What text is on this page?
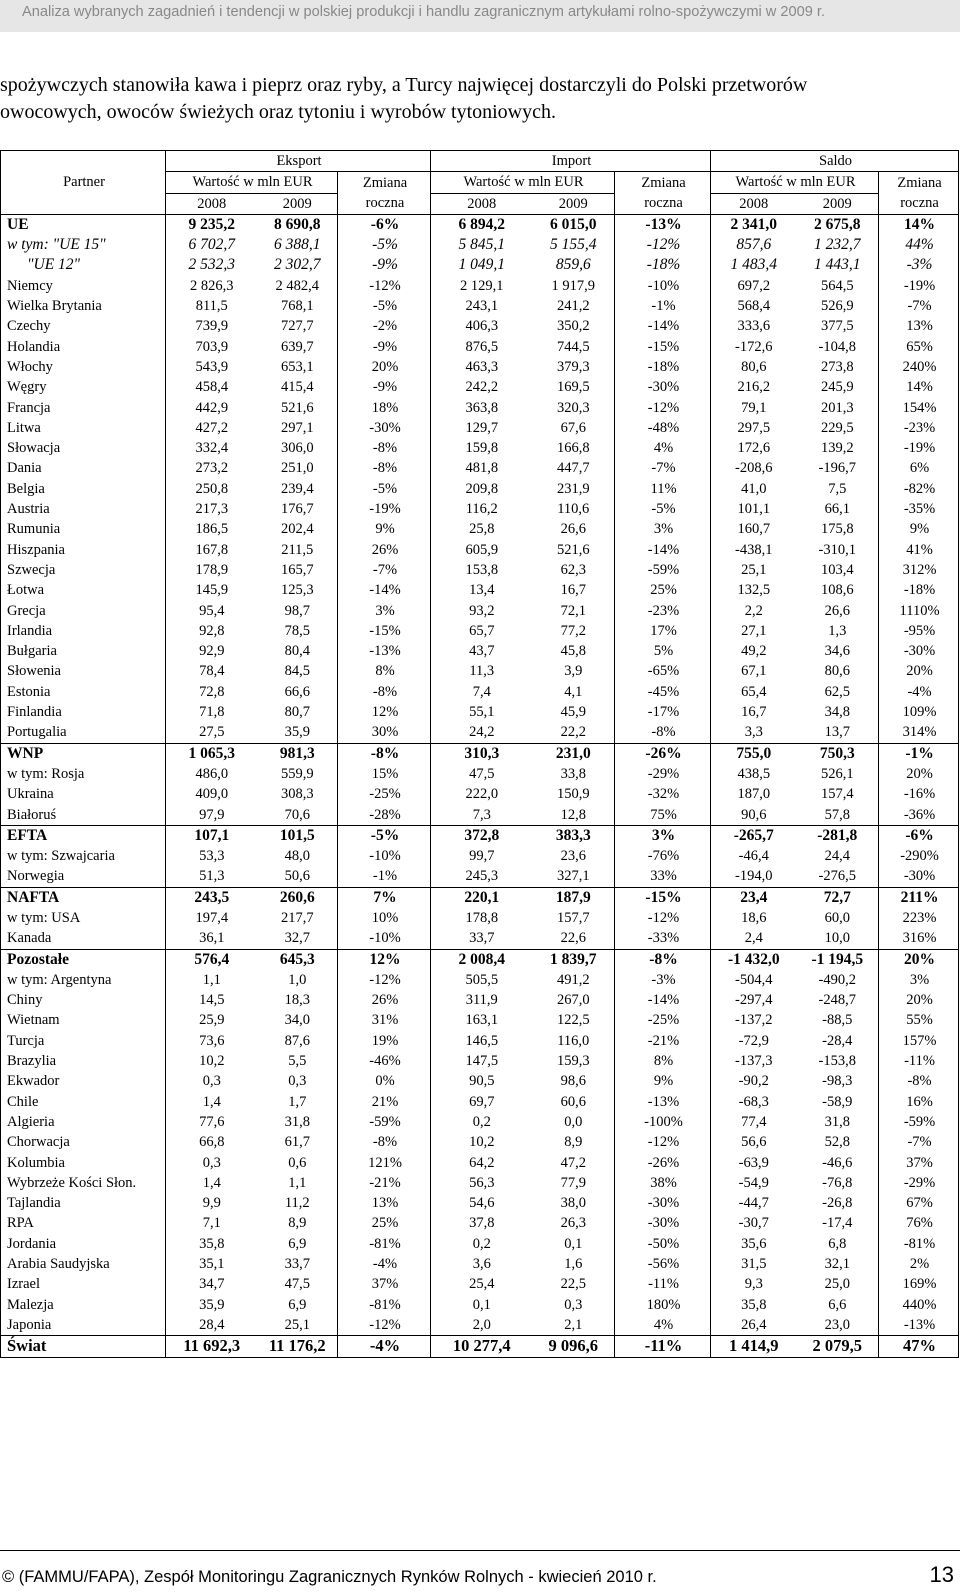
Analiza wybranych zagadnień i tendencji w polskiej produkcji i handlu zagranicznym artykułami rolno-spożywczymi w 2009 r.
spożywczych stanowiła kawa i pieprz oraz ryby, a Turcy najwięcej dostarczyli do Polski przetworów
owocowych, owoców świeżych oraz tytoniu i wyrobów tytoniowych.
Partner	Eksport			Import			Saldo		
	Wartość w mln EUR		Zmiana	Wartość w mln EUR		Zmiana	Wartość w mln EUR		Zmiana
	2008	2009	roczna	2008	2009	roczna	2008	2009	roczna
UE	9 235,2	8 690,8	-6%	6 894,2	6 015,0	-13%	2 341,0	2 675,8	14%
w tym: "UE 15"	6 702,7	6 388,1	-5%	5 845,1	5 155,4	-12%	857,6	1 232,7	44%
"UE 12"	2 532,3	2 302,7	-9%	1 049,1	859,6	-18%	1 483,4	1 443,1	-3%
Niemcy	2 826,3	2 482,4	-12%	2 129,1	1 917,9	-10%	697,2	564,5	-19%
Wielka Brytania	811,5	768,1	-5%	243,1	241,2	-1%	568,4	526,9	-7%
Czechy	739,9	727,7	-2%	406,3	350,2	-14%	333,6	377,5	13%
Holandia	703,9	639,7	-9%	876,5	744,5	-15%	-172,6	-104,8	65%
Włochy	543,9	653,1	20%	463,3	379,3	-18%	80,6	273,8	240%
Węgry	458,4	415,4	-9%	242,2	169,5	-30%	216,2	245,9	14%
Francja	442,9	521,6	18%	363,8	320,3	-12%	79,1	201,3	154%
Litwa	427,2	297,1	-30%	129,7	67,6	-48%	297,5	229,5	-23%
Słowacja	332,4	306,0	-8%	159,8	166,8	4%	172,6	139,2	-19%
Dania	273,2	251,0	-8%	481,8	447,7	-7%	-208,6	-196,7	6%
Belgia	250,8	239,4	-5%	209,8	231,9	11%	41,0	7,5	-82%
Austria	217,3	176,7	-19%	116,2	110,6	-5%	101,1	66,1	-35%
Rumunia	186,5	202,4	9%	25,8	26,6	3%	160,7	175,8	9%
Hiszpania	167,8	211,5	26%	605,9	521,6	-14%	-438,1	-310,1	41%
Szwecja	178,9	165,7	-7%	153,8	62,3	-59%	25,1	103,4	312%
Łotwa	145,9	125,3	-14%	13,4	16,7	25%	132,5	108,6	-18%
Grecja	95,4	98,7	3%	93,2	72,1	-23%	2,2	26,6	1110%
Irlandia	92,8	78,5	-15%	65,7	77,2	17%	27,1	1,3	-95%
Bułgaria	92,9	80,4	-13%	43,7	45,8	5%	49,2	34,6	-30%
Słowenia	78,4	84,5	8%	11,3	3,9	-65%	67,1	80,6	20%
Estonia	72,8	66,6	-8%	7,4	4,1	-45%	65,4	62,5	-4%
Finlandia	71,8	80,7	12%	55,1	45,9	-17%	16,7	34,8	109%
Portugalia	27,5	35,9	30%	24,2	22,2	-8%	3,3	13,7	314%
WNP	1 065,3	981,3	-8%	310,3	231,0	-26%	755,0	750,3	-1%
w tym: Rosja	486,0	559,9	15%	47,5	33,8	-29%	438,5	526,1	20%
Ukraina	409,0	308,3	-25%	222,0	150,9	-32%	187,0	157,4	-16%
Białoruś	97,9	70,6	-28%	7,3	12,8	75%	90,6	57,8	-36%
EFTA	107,1	101,5	-5%	372,8	383,3	3%	-265,7	-281,8	-6%
w tym: Szwajcaria	53,3	48,0	-10%	99,7	23,6	-76%	-46,4	24,4	-290%
Norwegia	51,3	50,6	-1%	245,3	327,1	33%	-194,0	-276,5	-30%
NAFTA	243,5	260,6	7%	220,1	187,9	-15%	23,4	72,7	211%
w tym: USA	197,4	217,7	10%	178,8	157,7	-12%	18,6	60,0	223%
Kanada	36,1	32,7	-10%	33,7	22,6	-33%	2,4	10,0	316%
Pozostałe	576,4	645,3	12%	2 008,4	1 839,7	-8%	-1 432,0	-1 194,5	20%
w tym: Argentyna	1,1	1,0	-12%	505,5	491,2	-3%	-504,4	-490,2	3%
Chiny	14,5	18,3	26%	311,9	267,0	-14%	-297,4	-248,7	20%
Wietnam	25,9	34,0	31%	163,1	122,5	-25%	-137,2	-88,5	55%
Turcja	73,6	87,6	19%	146,5	116,0	-21%	-72,9	-28,4	157%
Brazylia	10,2	5,5	-46%	147,5	159,3	8%	-137,3	-153,8	-11%
Ekwador	0,3	0,3	0%	90,5	98,6	9%	-90,2	-98,3	-8%
Chile	1,4	1,7	21%	69,7	60,6	-13%	-68,3	-58,9	16%
Algieria	77,6	31,8	-59%	0,2	0,0	-100%	77,4	31,8	-59%
Chorwacja	66,8	61,7	-8%	10,2	8,9	-12%	56,6	52,8	-7%
Kolumbia	0,3	0,6	121%	64,2	47,2	-26%	-63,9	-46,6	37%
Wybrzeże Kości Słon.	1,4	1,1	-21%	56,3	77,9	38%	-54,9	-76,8	-29%
Tajlandia	9,9	11,2	13%	54,6	38,0	-30%	-44,7	-26,8	67%
RPA	7,1	8,9	25%	37,8	26,3	-30%	-30,7	-17,4	76%
Jordania	35,8	6,9	-81%	0,2	0,1	-50%	35,6	6,8	-81%
Arabia Saudyjska	35,1	33,7	-4%	3,6	1,6	-56%	31,5	32,1	2%
Izrael	34,7	47,5	37%	25,4	22,5	-11%	9,3	25,0	169%
Malezja	35,9	6,9	-81%	0,1	0,3	180%	35,8	6,6	440%
Japonia	28,4	25,1	-12%	2,0	2,1	4%	26,4	23,0	-13%
Świat	11 692,3	11 176,2	-4%	10 277,4	9 096,6	-11%	1 414,9	2 079,5	47%
© (FAMMU/FAPA), Zespół Monitoringu Zagranicznych Rynków Rolnych - kwiecień 2010 r.	13
